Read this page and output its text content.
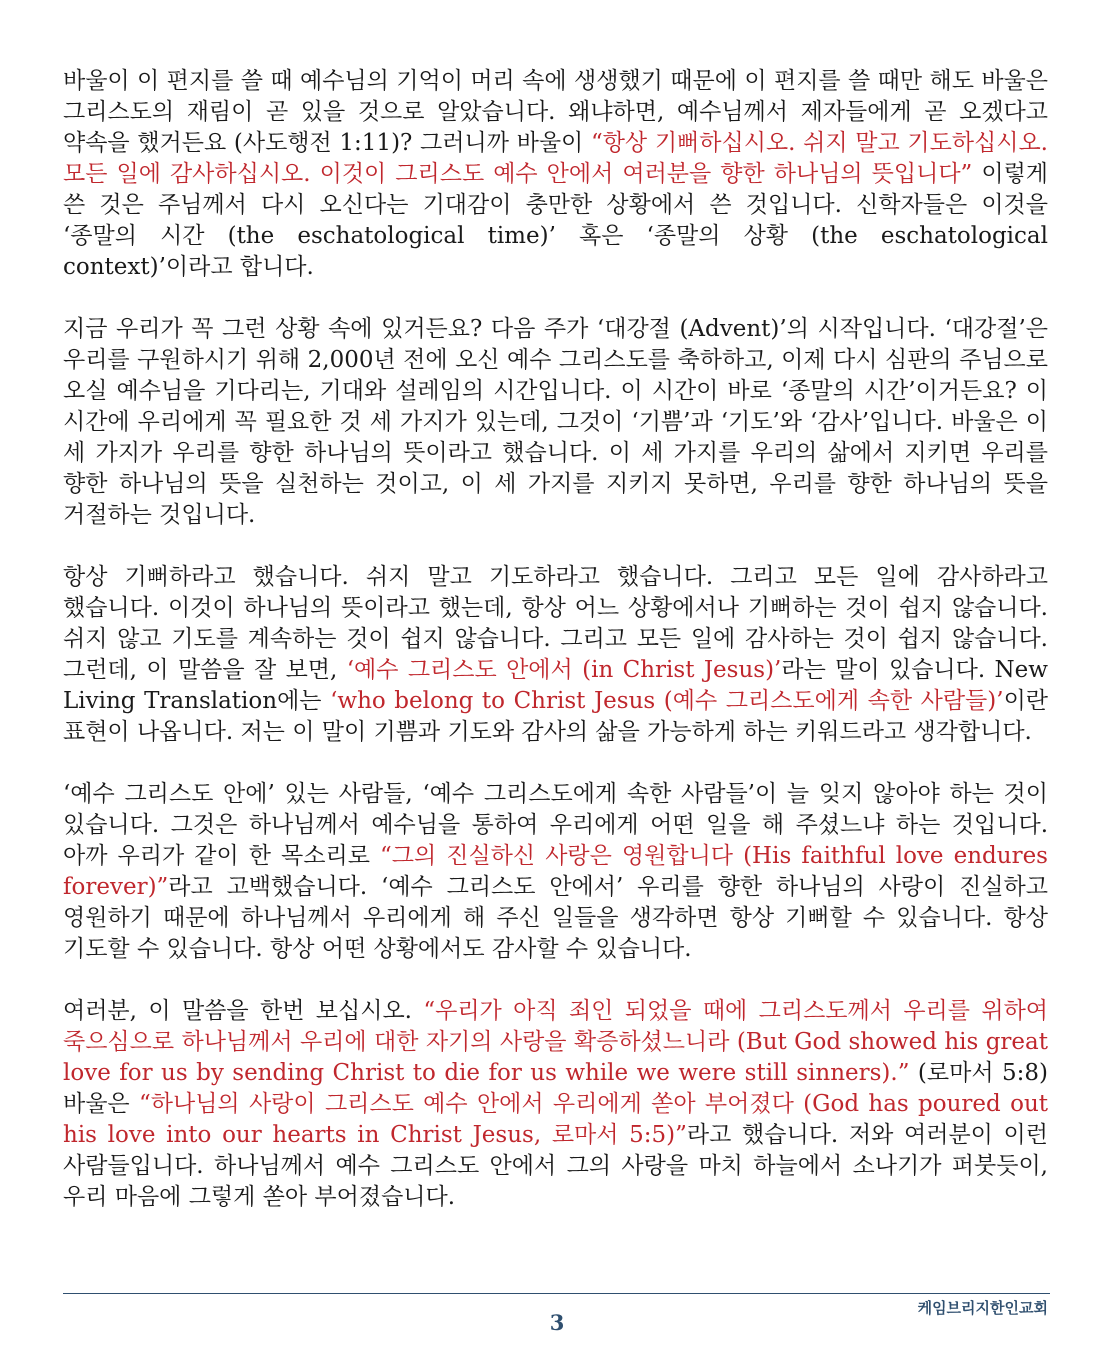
바울이 이 편지를 쓸 때 예수님의 기억이 머리 속에 생생했기 때문에 이 편지를 쓸 때만 해도 바울은 그리스도의 재림이 곧 있을 것으로 알았습니다. 왜냐하면, 예수님께서 제자들에게 곧 오겠다고 약속을 했거든요 (사도행전 1:11)? 그러니까 바울이 “항상 기뻐하십시오. 쉬지 말고 기도하십시오. 모든 일에 감사하십시오. 이것이 그리스도 예수 안에서 여러분을 향한 하나님의 뜻입니다” 이렇게 쓴 것은 주님께서 다시 오신다는 기대감이 충만한 상황에서 쓴 것입니다. 신학자들은 이것을 ‘종말의 시간 (the eschatological time)’ 혹은 ‘종말의 상황 (the eschatological context)’이라고 합니다.

지금 우리가 꼭 그런 상황 속에 있거든요? 다음 주가 ‘대강절 (Advent)’의 시작입니다. ‘대강절’은 우리를 구원하시기 위해 2,000년 전에 오신 예수 그리스도를 축하하고, 이제 다시 심판의 주님으로 오실 예수님을 기다리는, 기대와 설레임의 시간입니다. 이 시간이 바로 ‘종말의 시간’이거든요? 이 시간에 우리에게 꼭 필요한 것 세 가지가 있는데, 그것이 ‘기쁨’과 ‘기도’와 ‘감사’입니다. 바울은 이 세 가지가 우리를 향한 하나님의 뜻이라고 했습니다. 이 세 가지를 우리의 삶에서 지키면 우리를 향한 하나님의 뜻을 실천하는 것이고, 이 세 가지를 지키지 못하면, 우리를 향한 하나님의 뜻을 거절하는 것입니다.

항상 기뻐하라고 했습니다. 쉬지 말고 기도하라고 했습니다. 그리고 모든 일에 감사하라고 했습니다. 이것이 하나님의 뜻이라고 했는데, 항상 어느 상황에서나 기뻐하는 것이 쉽지 않습니다. 쉬지 않고 기도를 계속하는 것이 쉽지 않습니다. 그리고 모든 일에 감사하는 것이 쉽지 않습니다. 그런데, 이 말씀을 잘 보면, ‘예수 그리스도 안에서 (in Christ Jesus)’라는 말이 있습니다. New Living Translation에는 ‘who belong to Christ Jesus (예수 그리스도에게 속한 사람들)’이란 표현이 나옵니다. 저는 이 말이 기쁨과 기도와 감사의 삶을 가능하게 하는 키워드라고 생각합니다.

‘예수 그리스도 안에’ 있는 사람들, ‘예수 그리스도에게 속한 사람들’이 늘 잊지 않아야 하는 것이 있습니다. 그것은 하나님께서 예수님을 통하여 우리에게 어떤 일을 해 주셨느냐 하는 것입니다. 아까 우리가 같이 한 목소리로 “그의 진실하신 사랑은 영원합니다 (His faithful love endures forever)”라고 고백했습니다. ‘예수 그리스도 안에서’ 우리를 향한 하나님의 사랑이 진실하고 영원하기 때문에 하나님께서 우리에게 해 주신 일들을 생각하면 항상 기뻐할 수 있습니다. 항상 기도할 수 있습니다. 항상 어떤 상황에서도 감사할 수 있습니다.

여러분, 이 말씀을 한번 보십시오. “우리가 아직 죄인 되었을 때에 그리스도께서 우리를 위하여 죽으심으로 하나님께서 우리에 대한 자기의 사랑을 확증하셨느니라 (But God showed his great love for us by sending Christ to die for us while we were still sinners).” (로마서 5:8) 바울은 “하나님의 사랑이 그리스도 예수 안에서 우리에게 쏟아 부어졌다 (God has poured out his love into our hearts in Christ Jesus, 로마서 5:5)”라고 했습니다. 저와 여러분이 이런 사람들입니다. 하나님께서 예수 그리스도 안에서 그의 사랑을 마치 하늘에서 소나기가 퍼붓듯이, 우리 마음에 그렇게 쏟아 부어졌습니다.

케임브리지한인교회
3
